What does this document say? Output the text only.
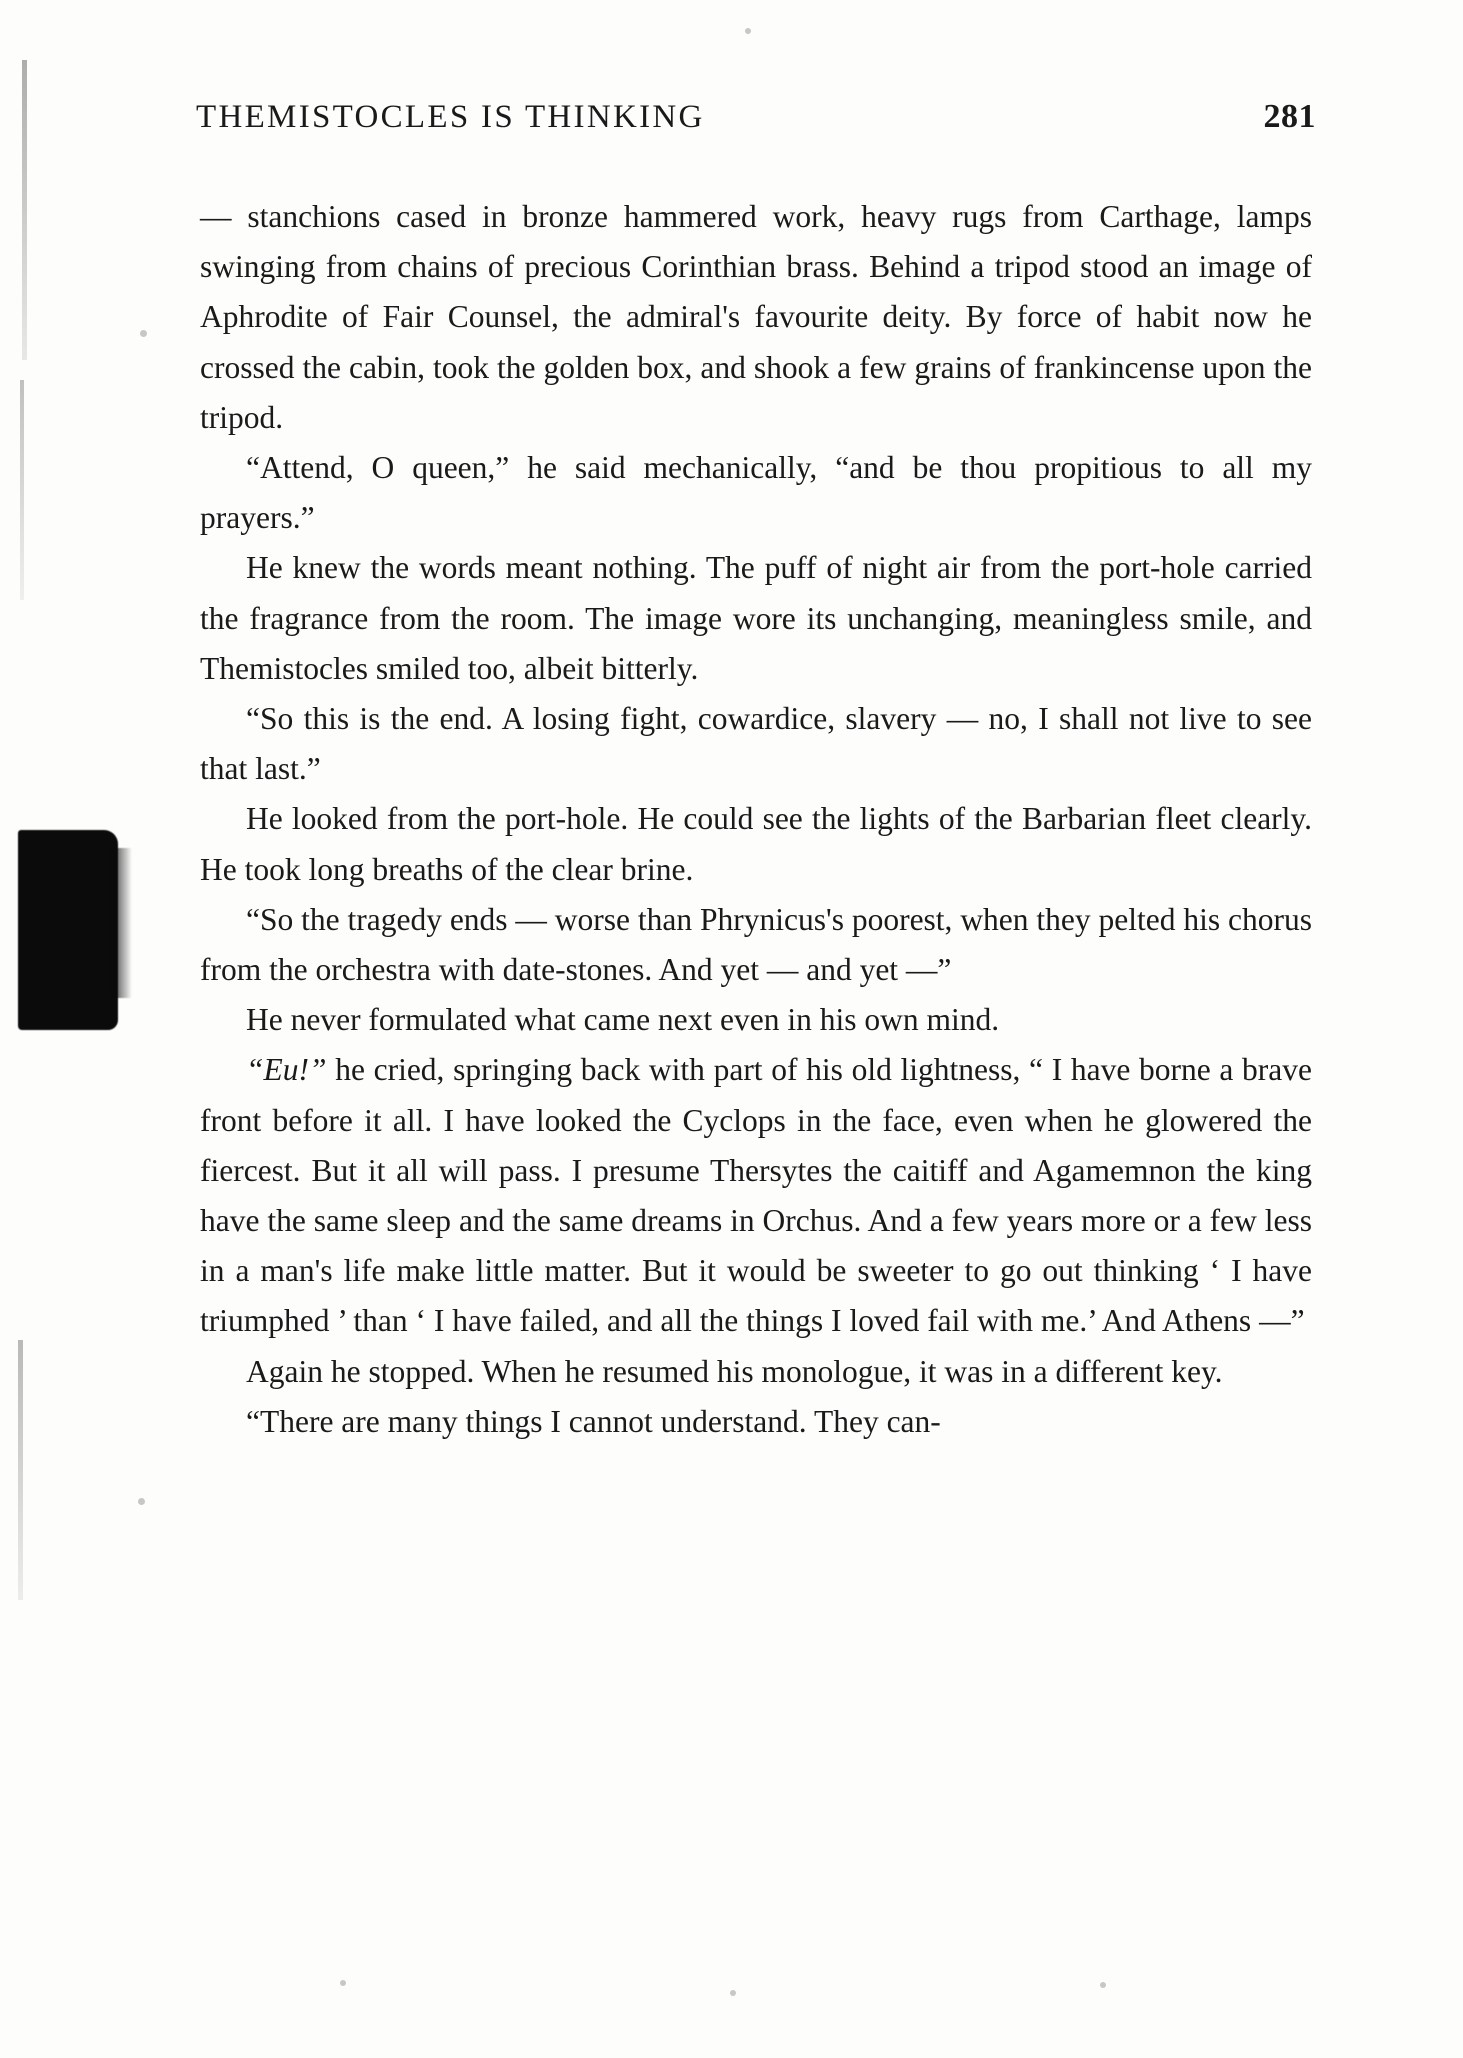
THEMISTOCLES IS THINKING	281

— stanchions cased in bronze hammered work, heavy rugs from Carthage, lamps swinging from chains of precious Corinthian brass. Behind a tripod stood an image of Aphrodite of Fair Counsel, the admiral's favourite deity. By force of habit now he crossed the cabin, took the golden box, and shook a few grains of frankincense upon the tripod.

“Attend, O queen,” he said mechanically, “and be thou propitious to all my prayers.”

He knew the words meant nothing. The puff of night air from the port-hole carried the fragrance from the room. The image wore its unchanging, meaningless smile, and Themistocles smiled too, albeit bitterly.

“So this is the end. A losing fight, cowardice, slavery — no, I shall not live to see that last.”

He looked from the port-hole. He could see the lights of the Barbarian fleet clearly. He took long breaths of the clear brine.

“So the tragedy ends — worse than Phrynicus's poorest, when they pelted his chorus from the orchestra with date-stones. And yet — and yet —”

He never formulated what came next even in his own mind.

“Eu!” he cried, springing back with part of his old lightness, “ I have borne a brave front before it all. I have looked the Cyclops in the face, even when he glowered the fiercest. But it all will pass. I presume Thersytes the caitiff and Agamemnon the king have the same sleep and the same dreams in Orchus. And a few years more or a few less in a man's life make little matter. But it would be sweeter to go out thinking ‘ I have triumphed ’ than ‘ I have failed, and all the things I loved fail with me.’ And Athens —”

Again he stopped. When he resumed his monologue, it was in a different key.

“There are many things I cannot understand. They can-
